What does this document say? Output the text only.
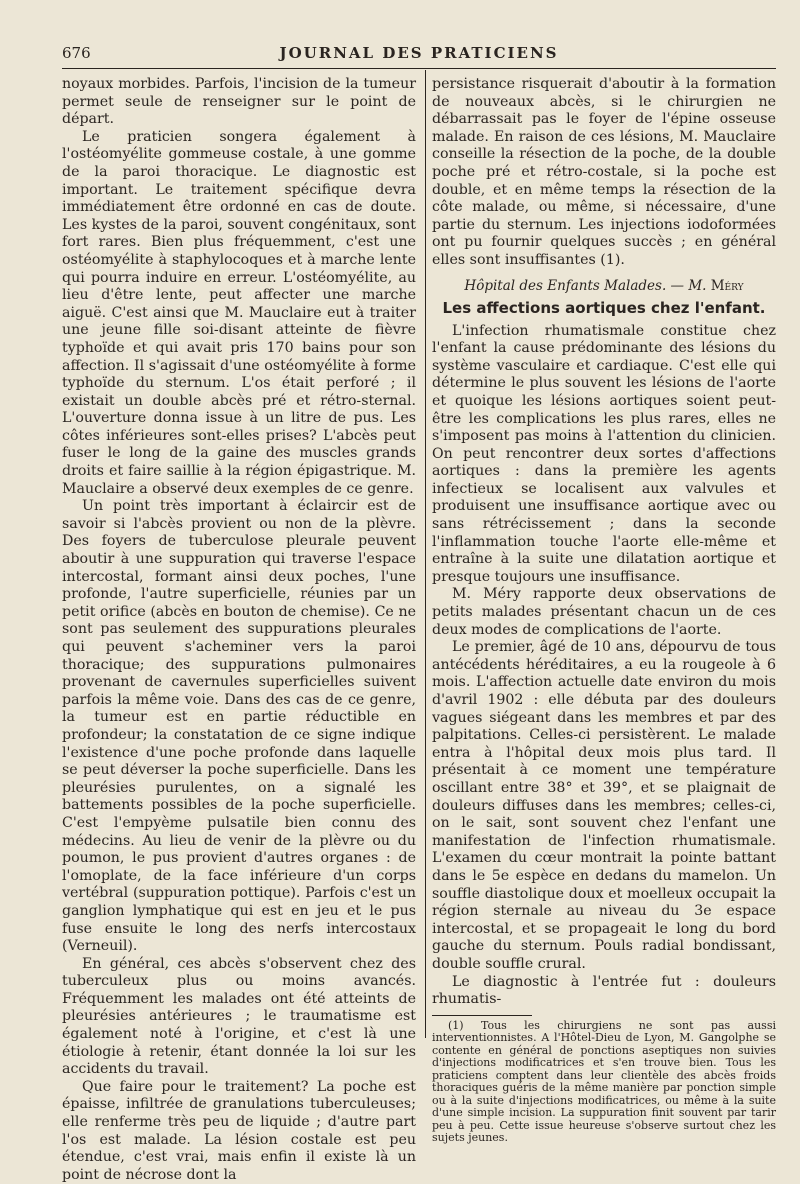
676	JOURNAL DES PRATICIENS

noyaux morbides. Parfois, l'incision de la tumeur permet seule de renseigner sur le point de départ.

Le praticien songera également à l'ostéomyélite gommeuse costale, à une gomme de la paroi thoracique. Le diagnostic est important. Le traitement spécifique devra immédiatement être ordonné en cas de doute. Les kystes de la paroi, souvent congénitaux, sont fort rares. Bien plus fréquemment, c'est une ostéomyélite à staphylocoques et à marche lente qui pourra induire en erreur. L'ostéomyélite, au lieu d'être lente, peut affecter une marche aiguë. C'est ainsi que M. Mauclaire eut à traiter une jeune fille soi-disant atteinte de fièvre typhoïde et qui avait pris 170 bains pour son affection. Il s'agissait d'une ostéomyélite à forme typhoïde du sternum. L'os était perforé ; il existait un double abcès pré et rétro-sternal. L'ouverture donna issue à un litre de pus. Les côtes inférieures sont-elles prises? L'abcès peut fuser le long de la gaine des muscles grands droits et faire saillie à la région épigastrique. M. Mauclaire a observé deux exemples de ce genre.

Un point très important à éclaircir est de savoir si l'abcès provient ou non de la plèvre. Des foyers de tuberculose pleurale peuvent aboutir à une suppuration qui traverse l'espace intercostal, formant ainsi deux poches, l'une profonde, l'autre superficielle, réunies par un petit orifice (abcès en bouton de chemise). Ce ne sont pas seulement des suppurations pleurales qui peuvent s'acheminer vers la paroi thoracique; des suppurations pulmonaires provenant de cavernules superficielles suivent parfois la même voie. Dans des cas de ce genre, la tumeur est en partie réductible en profondeur; la constatation de ce signe indique l'existence d'une poche profonde dans laquelle se peut déverser la poche superficielle. Dans les pleurésies purulentes, on a signalé les battements possibles de la poche superficielle. C'est l'empyème pulsatile bien connu des médecins. Au lieu de venir de la plèvre ou du poumon, le pus provient d'autres organes : de l'omoplate, de la face inférieure d'un corps vertébral (suppuration pottique). Parfois c'est un ganglion lymphatique qui est en jeu et le pus fuse ensuite le long des nerfs intercostaux (Verneuil).

En général, ces abcès s'observent chez des tuberculeux plus ou moins avancés. Fréquemment les malades ont été atteints de pleurésies antérieures ; le traumatisme est également noté à l'origine, et c'est là une étiologie à retenir, étant donnée la loi sur les accidents du travail.

Que faire pour le traitement? La poche est épaisse, infiltrée de granulations tuberculeuses; elle renferme très peu de liquide ; d'autre part l'os est malade. La lésion costale est peu étendue, c'est vrai, mais enfin il existe là un point de nécrose dont la

persistance risquerait d'aboutir à la formation de nouveaux abcès, si le chirurgien ne débarrassait pas le foyer de l'épine osseuse malade. En raison de ces lésions, M. Mauclaire conseille la résection de la poche, de la double poche pré et rétro-costale, si la poche est double, et en même temps la résection de la côte malade, ou même, si nécessaire, d'une partie du sternum. Les injections iodoformées ont pu fournir quelques succès ; en général elles sont insuffisantes (1).

Hôpital des Enfants Malades. — M. Méry
Les affections aortiques chez l'enfant.

L'infection rhumatismale constitue chez l'enfant la cause prédominante des lésions du système vasculaire et cardiaque. C'est elle qui détermine le plus souvent les lésions de l'aorte et quoique les lésions aortiques soient peut-être les complications les plus rares, elles ne s'imposent pas moins à l'attention du clinicien. On peut rencontrer deux sortes d'affections aortiques : dans la première les agents infectieux se localisent aux valvules et produisent une insuffisance aortique avec ou sans rétrécissement ; dans la seconde l'inflammation touche l'aorte elle-même et entraîne à la suite une dilatation aortique et presque toujours une insuffisance.

M. Méry rapporte deux observations de petits malades présentant chacun un de ces deux modes de complications de l'aorte.

Le premier, âgé de 10 ans, dépourvu de tous antécédents héréditaires, a eu la rougeole à 6 mois. L'affection actuelle date environ du mois d'avril 1902 : elle débuta par des douleurs vagues siégeant dans les membres et par des palpitations. Celles-ci persistèrent. Le malade entra à l'hôpital deux mois plus tard. Il présentait à ce moment une température oscillant entre 38° et 39°, et se plaignait de douleurs diffuses dans les membres; celles-ci, on le sait, sont souvent chez l'enfant une manifestation de l'infection rhumatismale. L'examen du cœur montrait la pointe battant dans le 5e espèce en dedans du mamelon. Un souffle diastolique doux et moelleux occupait la région sternale au niveau du 3e espace intercostal, et se propageait le long du bord gauche du sternum. Pouls radial bondissant, double souffle crural.

Le diagnostic à l'entrée fut : douleurs rhumatis-

(1) Tous les chirurgiens ne sont pas aussi interventionnistes. A l'Hôtel-Dieu de Lyon, M. Gangolphe se contente en général de ponctions aseptiques non suivies d'injections modificatrices et s'en trouve bien. Tous les praticiens comptent dans leur clientèle des abcès froids thoraciques guéris de la même manière par ponction simple ou à la suite d'injections modificatrices, ou même à la suite d'une simple incision. La suppuration finit souvent par tarir peu à peu. Cette issue heureuse s'observe surtout chez les sujets jeunes.
